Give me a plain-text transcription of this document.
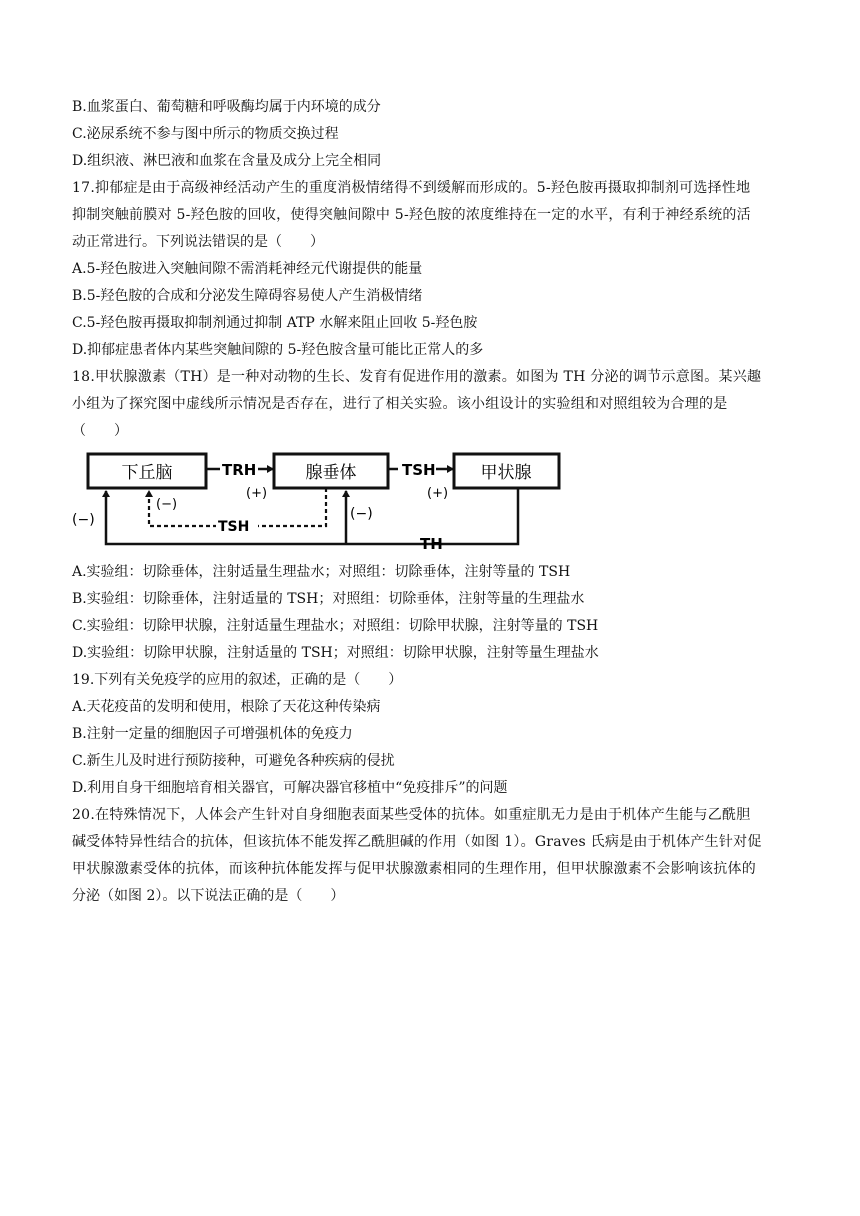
B.血浆蛋白、葡萄糖和呼吸酶均属于内环境的成分
C.泌尿系统不参与图中所示的物质交换过程
D.组织液、淋巴液和血浆在含量及成分上完全相同
17.抑郁症是由于高级神经活动产生的重度消极情绪得不到缓解而形成的。5-羟色胺再摄取抑制剂可选择性地
抑制突触前膜对 5-羟色胺的回收，使得突触间隙中 5-羟色胺的浓度维持在一定的水平，有利于神经系统的活
动正常进行。下列说法错误的是（　　）
A.5-羟色胺进入突触间隙不需消耗神经元代谢提供的能量
B.5-羟色胺的合成和分泌发生障碍容易使人产生消极情绪
C.5-羟色胺再摄取抑制剂通过抑制 ATP 水解来阻止回收 5-羟色胺
D.抑郁症患者体内某些突触间隙的 5-羟色胺含量可能比正常人的多
18.甲状腺激素（TH）是一种对动物的生长、发育有促进作用的激素。如图为 TH 分泌的调节示意图。某兴趣
小组为了探究图中虚线所示情况是否存在，进行了相关实验。该小组设计的实验组和对照组较为合理的是
（　　）
下丘脑	腺垂体	甲状腺
TRH
(+)
TSH
(+)
TH
(−)	(−)
TSH
(−)
A.实验组：切除垂体，注射适量生理盐水；对照组：切除垂体，注射等量的 TSH
B.实验组：切除垂体，注射适量的 TSH；对照组：切除垂体，注射等量的生理盐水
C.实验组：切除甲状腺，注射适量生理盐水；对照组：切除甲状腺，注射等量的 TSH
D.实验组：切除甲状腺，注射适量的 TSH；对照组：切除甲状腺，注射等量生理盐水
19.下列有关免疫学的应用的叙述，正确的是（　　）
A.天花疫苗的发明和使用，根除了天花这种传染病
B.注射一定量的细胞因子可增强机体的免疫力
C.新生儿及时进行预防接种，可避免各种疾病的侵扰
D.利用自身干细胞培育相关器官，可解决器官移植中“免疫排斥”的问题
20.在特殊情况下，人体会产生针对自身细胞表面某些受体的抗体。如重症肌无力是由于机体产生能与乙酰胆
碱受体特异性结合的抗体，但该抗体不能发挥乙酰胆碱的作用（如图 1）。Graves 氏病是由于机体产生针对促
甲状腺激素受体的抗体，而该种抗体能发挥与促甲状腺激素相同的生理作用，但甲状腺激素不会影响该抗体的
分泌（如图 2）。以下说法正确的是（　　）
